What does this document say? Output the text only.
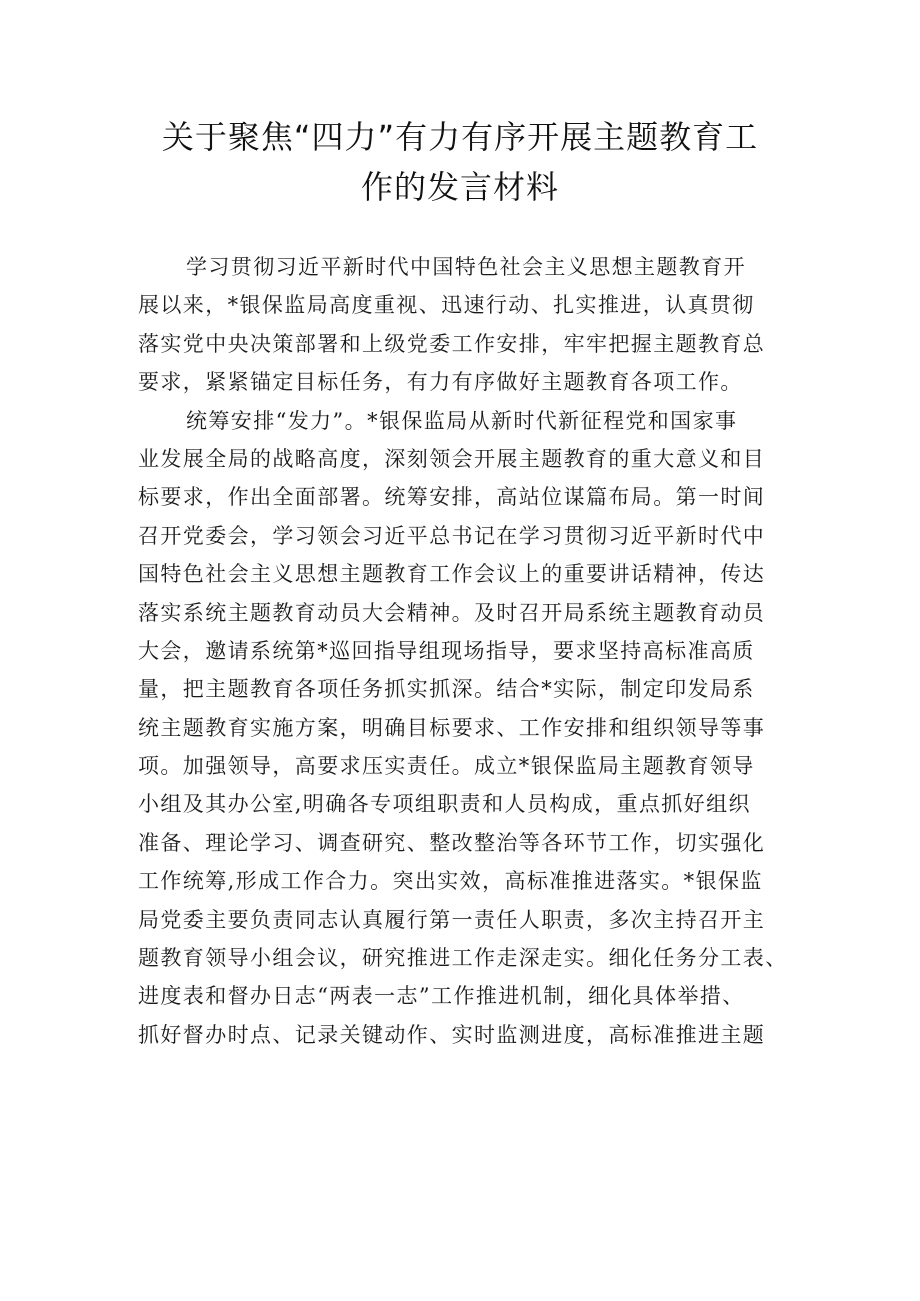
关于聚焦“四力”有力有序开展主题教育工
作的发言材料

学习贯彻习近平新时代中国特色社会主义思想主题教育开
展以来，*银保监局高度重视、迅速行动、扎实推进，认真贯彻
落实党中央决策部署和上级党委工作安排，牢牢把握主题教育总
要求，紧紧锚定目标任务，有力有序做好主题教育各项工作。

统筹安排“发力”。*银保监局从新时代新征程党和国家事
业发展全局的战略高度，深刻领会开展主题教育的重大意义和目
标要求，作出全面部署。统筹安排，高站位谋篇布局。第一时间
召开党委会，学习领会习近平总书记在学习贯彻习近平新时代中
国特色社会主义思想主题教育工作会议上的重要讲话精神，传达
落实系统主题教育动员大会精神。及时召开局系统主题教育动员
大会，邀请系统第*巡回指导组现场指导，要求坚持高标准高质
量，把主题教育各项任务抓实抓深。结合*实际，制定印发局系
统主题教育实施方案，明确目标要求、工作安排和组织领导等事
项。加强领导，高要求压实责任。成立*银保监局主题教育领导
小组及其办公室,明确各专项组职责和人员构成，重点抓好组织
准备、理论学习、调查研究、整改整治等各环节工作，切实强化
工作统筹,形成工作合力。突出实效，高标准推进落实。*银保监
局党委主要负责同志认真履行第一责任人职责，多次主持召开主
题教育领导小组会议，研究推进工作走深走实。细化任务分工表、
进度表和督办日志“两表一志”工作推进机制，细化具体举措、
抓好督办时点、记录关键动作、实时监测进度，高标准推进主题
